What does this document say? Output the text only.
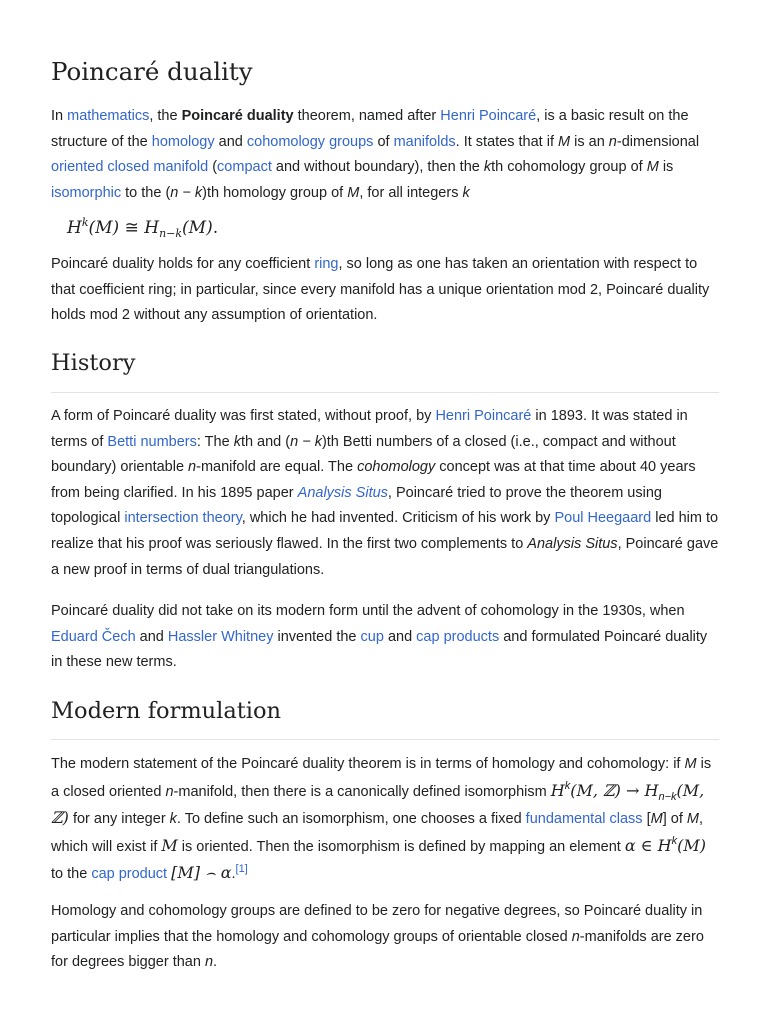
Poincaré duality

In mathematics, the Poincaré duality theorem, named after Henri Poincaré, is a basic result on the structure of the homology and cohomology groups of manifolds. It states that if M is an n-dimensional oriented closed manifold (compact and without boundary), then the kth cohomology group of M is isomorphic to the (n − k)th homology group of M, for all integers k

$H^k(M)$ ≅ $H_{n-k}(M)$.

Poincaré duality holds for any coefficient ring, so long as one has taken an orientation with respect to that coefficient ring; in particular, since every manifold has a unique orientation mod 2, Poincaré duality holds mod 2 without any assumption of orientation.

History

A form of Poincaré duality was first stated, without proof, by Henri Poincaré in 1893. It was stated in terms of Betti numbers: The kth and (n − k)th Betti numbers of a closed (i.e., compact and without boundary) orientable n-manifold are equal. The cohomology concept was at that time about 40 years from being clarified. In his 1895 paper Analysis Situs, Poincaré tried to prove the theorem using topological intersection theory, which he had invented. Criticism of his work by Poul Heegaard led him to realize that his proof was seriously flawed. In the first two complements to Analysis Situs, Poincaré gave a new proof in terms of dual triangulations.

Poincaré duality did not take on its modern form until the advent of cohomology in the 1930s, when Eduard Čech and Hassler Whitney invented the cup and cap products and formulated Poincaré duality in these new terms.

Modern formulation

The modern statement of the Poincaré duality theorem is in terms of homology and cohomology: if M is a closed oriented n-manifold, then there is a canonically defined isomorphism $H^k(M$, ℤ) → $H_{n-k}(M$, ℤ) for any integer k. To define such an isomorphism, one chooses a fixed fundamental class [M] of M, which will exist if M is oriented. Then the isomorphism is defined by mapping an element α ∈ $H^k(M)$ to the cap product [M] ⌢ α.[1]

Homology and cohomology groups are defined to be zero for negative degrees, so Poincaré duality in particular implies that the homology and cohomology groups of orientable closed n-manifolds are zero for degrees bigger than n.
